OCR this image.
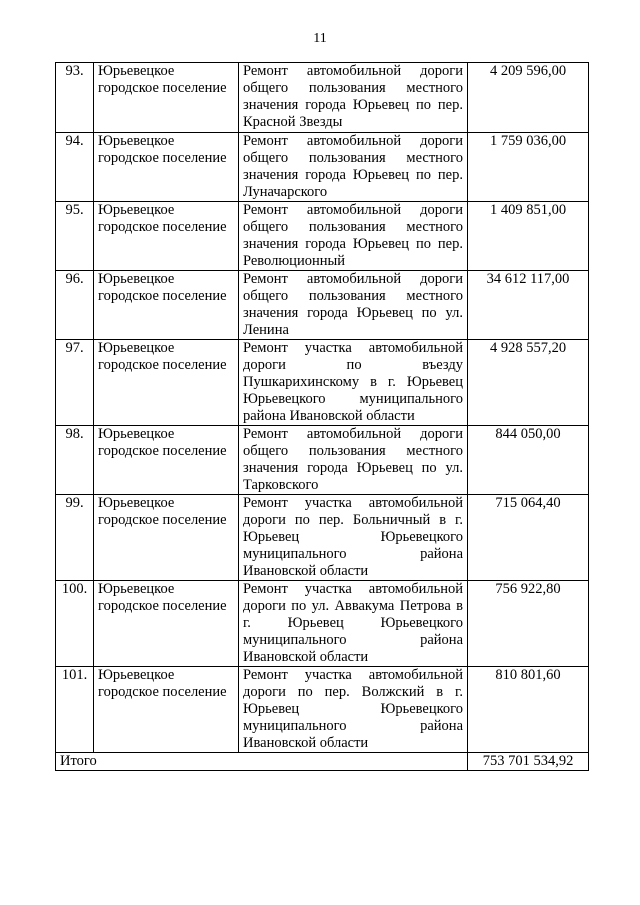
11
93.	Юрьевецкое городское поселение	Ремонт автомобильной дороги общего пользования местного значения города Юрьевец по пер. Красной Звезды	4 209 596,00
94.	Юрьевецкое городское поселение	Ремонт автомобильной дороги общего пользования местного значения города Юрьевец по пер. Луначарского	1 759 036,00
95.	Юрьевецкое городское поселение	Ремонт автомобильной дороги общего пользования местного значения города Юрьевец по пер. Революционный	1 409 851,00
96.	Юрьевецкое городское поселение	Ремонт автомобильной дороги общего пользования местного значения города Юрьевец по ул. Ленина	34 612 117,00
97.	Юрьевецкое городское поселение	Ремонт участка автомобильной дороги по въезду Пушкарихинскому в г. Юрьевец Юрьевецкого муниципального района Ивановской области	4 928 557,20
98.	Юрьевецкое городское поселение	Ремонт автомобильной дороги общего пользования местного значения города Юрьевец по ул. Тарковского	844 050,00
99.	Юрьевецкое городское поселение	Ремонт участка автомобильной дороги по пер. Больничный в г. Юрьевец Юрьевецкого муниципального района Ивановской области	715 064,40
100.	Юрьевецкое городское поселение	Ремонт участка автомобильной дороги по ул. Аввакума Петрова в г. Юрьевец Юрьевецкого муниципального района Ивановской области	756 922,80
101.	Юрьевецкое городское поселение	Ремонт участка автомобильной дороги по пер. Волжский в г. Юрьевец Юрьевецкого муниципального района Ивановской области	810 801,60
Итого			753 701 534,92
